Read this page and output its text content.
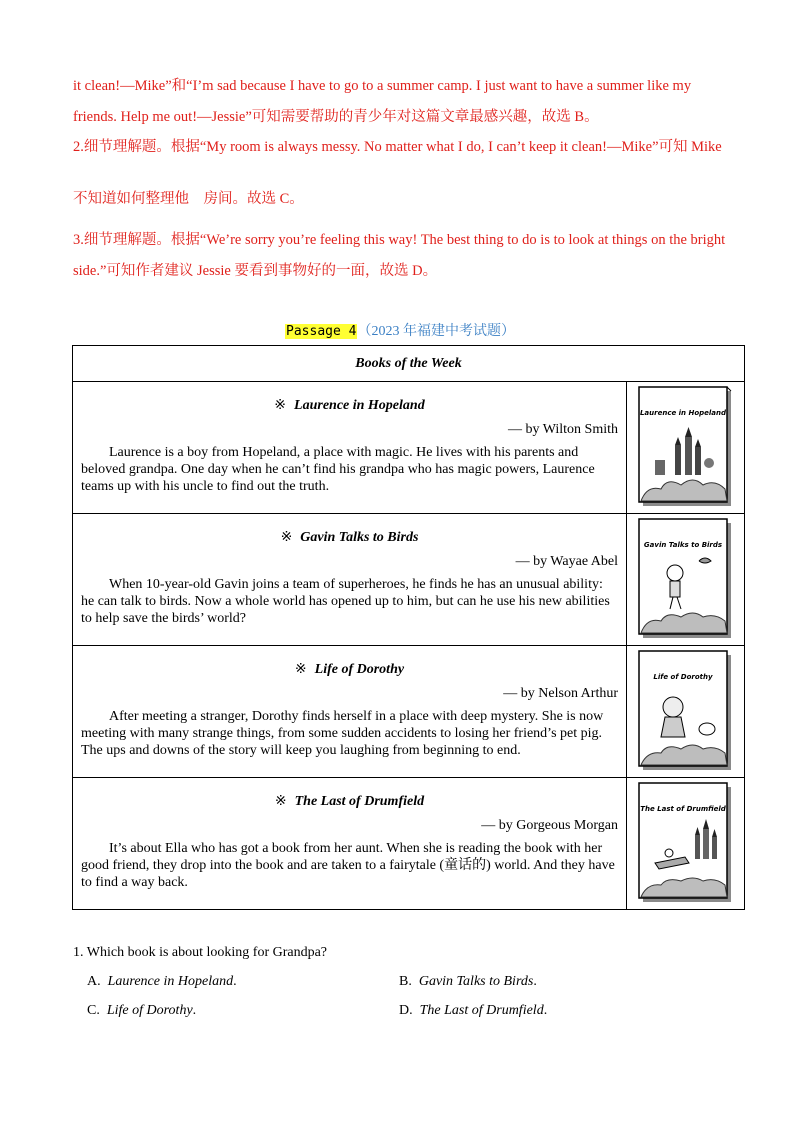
it clean!—Mike”和“I’m sad because I have to go to a summer camp. I just want to have a summer like my
friends. Help me out!—Jessie”可知需要帮助的青少年对这篇文章最感兴趣，故选 B。
2.细节理解题。根据“My room is always messy. No matter what I do, I can’t keep it clean!—Mike”可知 Mike
不知道如何整理他　房间。故选 C。
3.细节理解题。根据“We’re sorry you’re feeling this way! The best thing to do is to look at things on the bright
side.”可知作者建议 Jessie 要看到事物好的一面，故选 D。
Passage 4（2023 年福建中考试题）
Books of the Week	

※ Laurence in Hopeland
— by Wilton Smith
Laurence is a boy from Hopeland, a place with magic. He lives with his parents and beloved grandpa. One day when he can’t find his grandpa who has magic powers, Laurence teams up with his uncle to find out the truth.	Laurence in Hopeland

※ Gavin Talks to Birds
— by Wayae Abel
When 10-year-old Gavin joins a team of superheroes, he finds he has an unusual ability: he can talk to birds. Now a whole world has opened up to him, but can he use his new abilities to help save the birds’ world?	Gavin Talks to Birds

※ Life of Dorothy
— by Nelson Arthur
After meeting a stranger, Dorothy finds herself in a place with deep mystery. She is now meeting with many strange things, from some sudden accidents to losing her friend’s pet pig. The ups and downs of the story will keep you laughing from beginning to end.	Life of Dorothy

※ The Last of Drumfield
— by Gorgeous Morgan
It’s about Ella who has got a book from her aunt. When she is reading the book with her good friend, they drop into the book and are taken to a fairytale (童话的) world. And they have to find a way back.	The Last of Drumfield
1. Which book is about looking for Grandpa?
A. Laurence in Hopeland.	B. Gavin Talks to Birds.
C. Life of Dorothy.	D. The Last of Drumfield.
